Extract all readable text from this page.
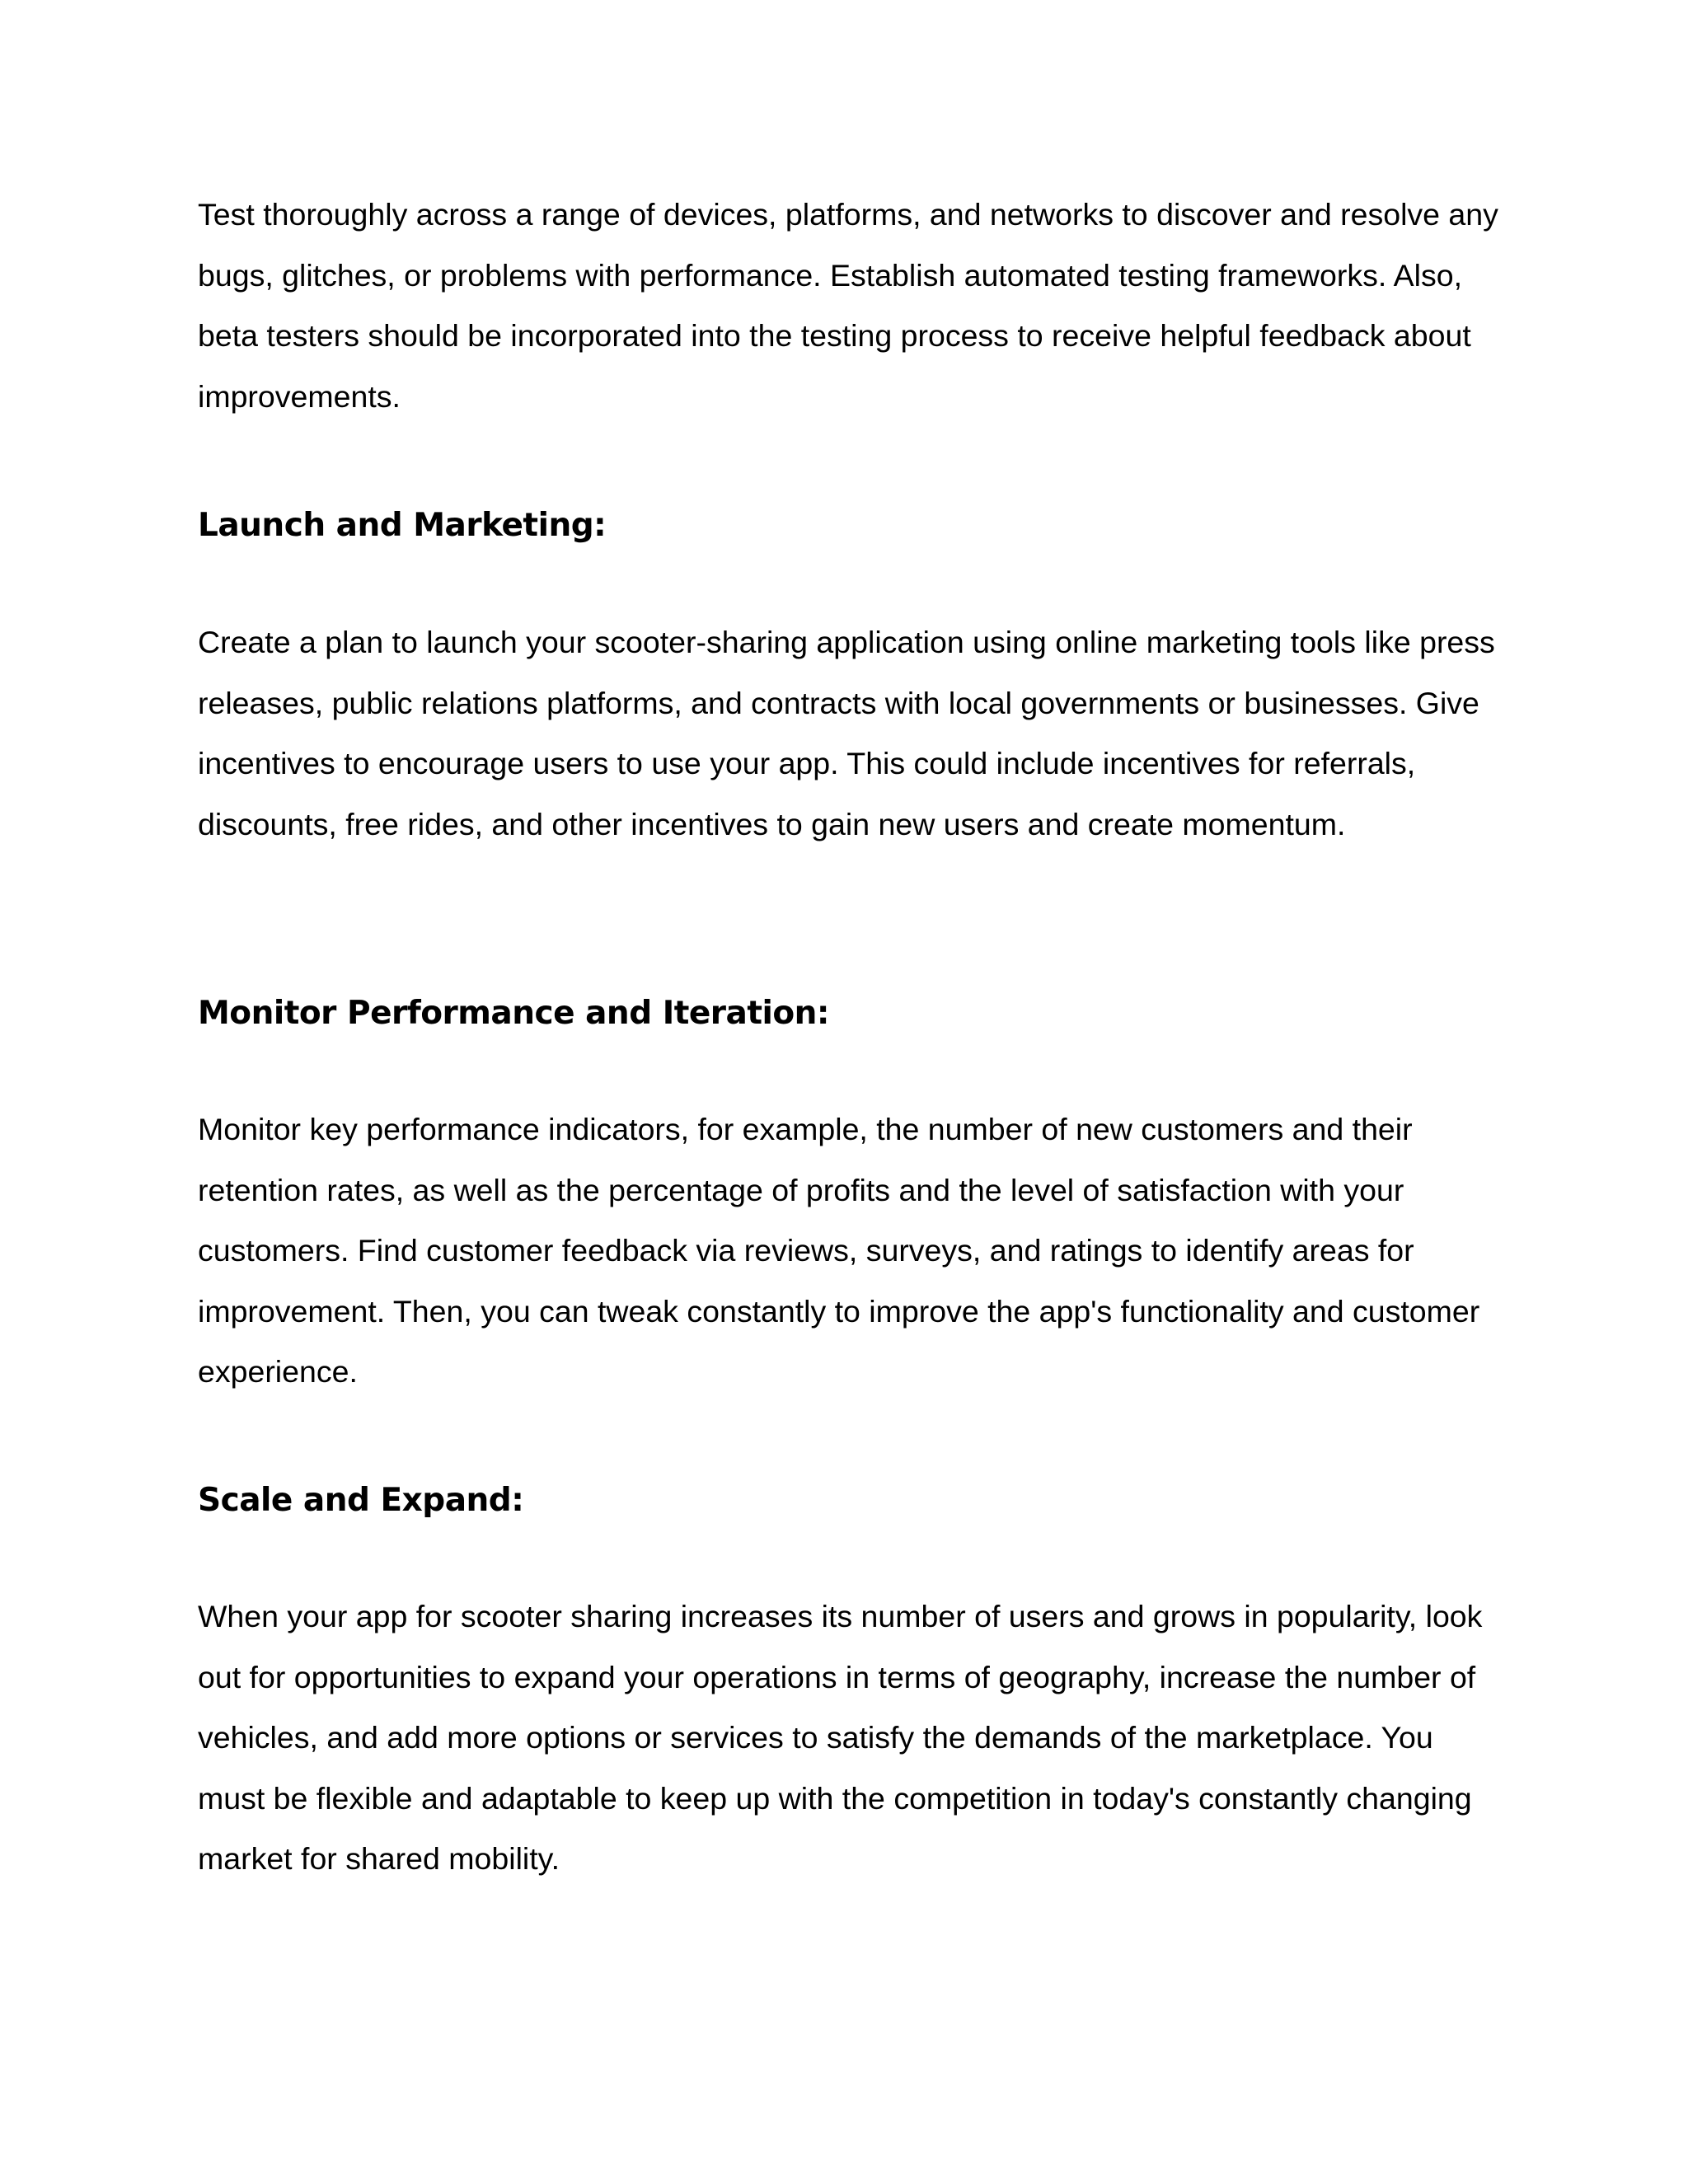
Test thoroughly across a range of devices, platforms, and networks to discover and resolve any bugs, glitches, or problems with performance. Establish automated testing frameworks. Also, beta testers should be incorporated into the testing process to receive helpful feedback about improvements.

Launch and Marketing:

Create a plan to launch your scooter-sharing application using online marketing tools like press releases, public relations platforms, and contracts with local governments or businesses. Give incentives to encourage users to use your app. This could include incentives for referrals, discounts, free rides, and other incentives to gain new users and create momentum.

Monitor Performance and Iteration:

Monitor key performance indicators, for example, the number of new customers and their retention rates, as well as the percentage of profits and the level of satisfaction with your customers. Find customer feedback via reviews, surveys, and ratings to identify areas for improvement. Then, you can tweak constantly to improve the app's functionality and customer experience.

Scale and Expand:

When your app for scooter sharing increases its number of users and grows in popularity, look out for opportunities to expand your operations in terms of geography, increase the number of vehicles, and add more options or services to satisfy the demands of the marketplace. You must be flexible and adaptable to keep up with the competition in today's constantly changing market for shared mobility.
